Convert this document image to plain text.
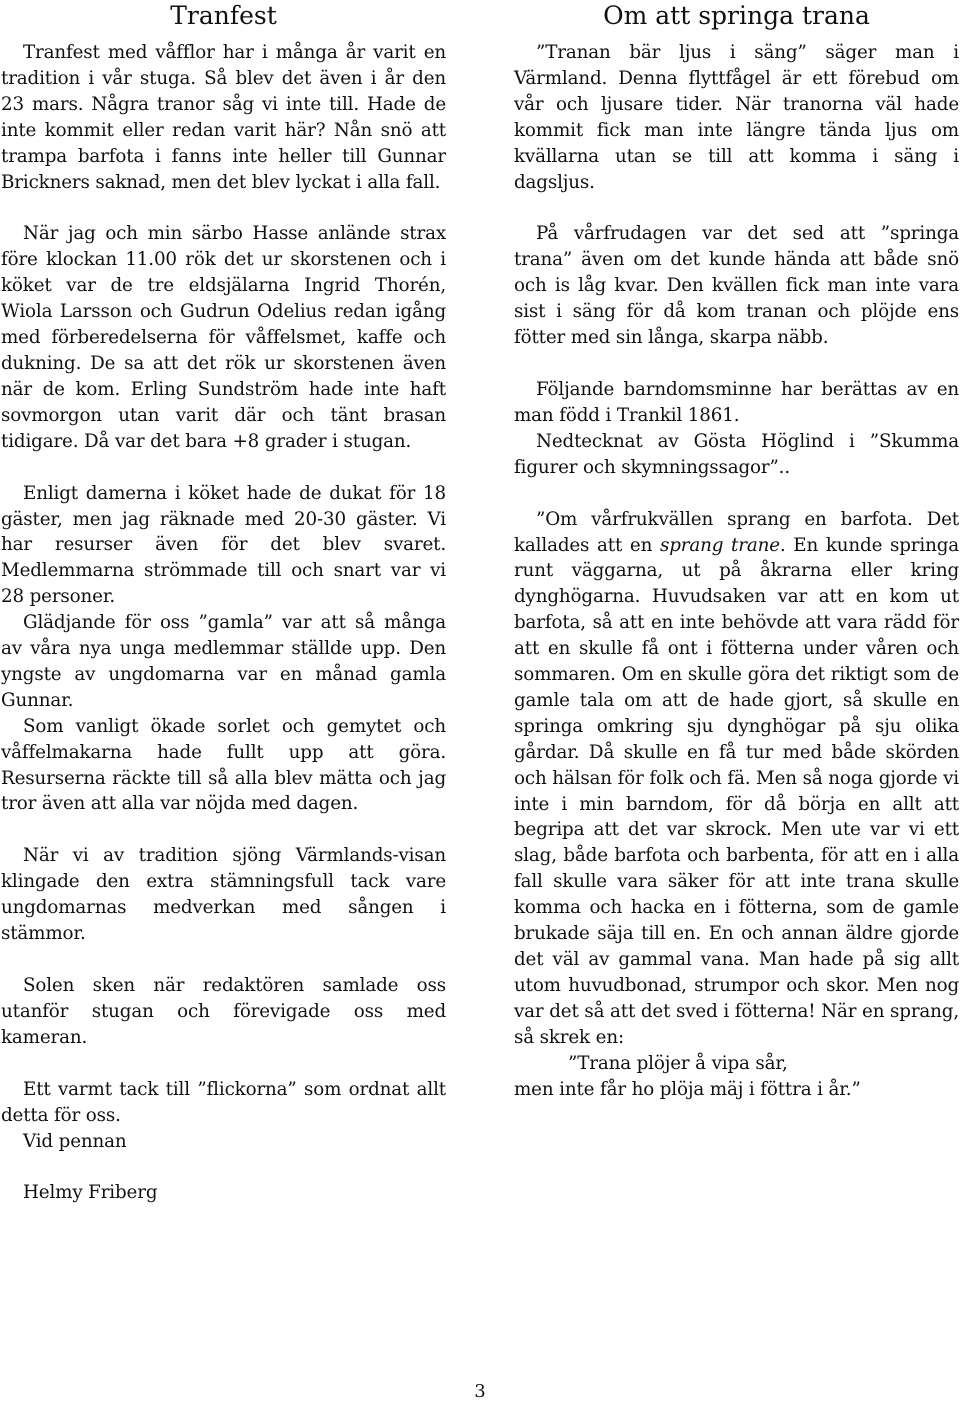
Tranfest

Tranfest med våfflor har i många år varit en tradition i vår stuga. Så blev det även i år den 23 mars. Några tranor såg vi inte till. Hade de inte kommit eller redan varit här? Nån snö att trampa barfota i fanns inte heller till Gunnar Brickners saknad, men det blev lyckat i alla fall.

När jag och min särbo Hasse anlände strax före klockan 11.00 rök det ur skorstenen och i köket var de tre eldsjälarna Ingrid Thorén, Wiola Larsson och Gudrun Odelius redan igång med förberedelserna för våffelsmet, kaffe och dukning. De sa att det rök ur skorstenen även när de kom. Erling Sundström hade inte haft sovmorgon utan varit där och tänt brasan tidigare. Då var det bara +8 grader i stugan.

Enligt damerna i köket hade de dukat för 18 gäster, men jag räknade med 20-30 gäster. Vi har resurser även för det blev svaret. Medlemmarna strömmade till och snart var vi 28 personer.

Glädjande för oss ”gamla” var att så många av våra nya unga medlemmar ställde upp. Den yngste av ungdomarna var en månad gamla Gunnar.

Som vanligt ökade sorlet och gemytet och våffelmakarna hade fullt upp att göra. Resurserna räckte till så alla blev mätta och jag tror även att alla var nöjda med dagen.

När vi av tradition sjöng Värmlands-visan klingade den extra stämningsfull tack vare ungdomarnas medverkan med sången i stämmor.

Solen sken när redaktören samlade oss utanför stugan och förevigade oss med kameran.

Ett varmt tack till ”flickorna” som ordnat allt detta för oss.

Vid pennan

Helmy Friberg

Om att springa trana

”Tranan bär ljus i säng” säger man i Värmland. Denna flyttfågel är ett förebud om vår och ljusare tider. När tranorna väl hade kommit fick man inte längre tända ljus om kvällarna utan se till att komma i säng i dagsljus.

På vårfrudagen var det sed att ”springa trana” även om det kunde hända att både snö och is låg kvar. Den kvällen fick man inte vara sist i säng för då kom tranan och plöjde ens fötter med sin långa, skarpa näbb.

Följande barndomsminne har berättas av en man född i Trankil 1861.

Nedtecknat av Gösta Höglind i ”Skumma figurer och skymningssagor”..

”Om vårfrukvällen sprang en barfota. Det kallades att en sprang trane. En kunde springa runt väggarna, ut på åkrarna eller kring dynghögarna. Huvudsaken var att en kom ut barfota, så att en inte behövde att vara rädd för att en skulle få ont i fötterna under våren och sommaren. Om en skulle göra det riktigt som de gamle tala om att de hade gjort, så skulle en springa omkring sju dynghögar på sju olika gårdar. Då skulle en få tur med både skörden och hälsan för folk och fä. Men så noga gjorde vi inte i min barndom, för då börja en allt att begripa att det var skrock. Men ute var vi ett slag, både barfota och barbenta, för att en i alla fall skulle vara säker för att inte trana skulle komma och hacka en i fötterna, som de gamle brukade säja till en. En och annan äldre gjorde det väl av gammal vana. Man hade på sig allt utom huvudbonad, strumpor och skor. Men nog var det så att det sved i fötterna! När en sprang, så skrek en:

”Trana plöjer å vipa sår,

men inte får ho plöja mäj i föttra i år.”

3
